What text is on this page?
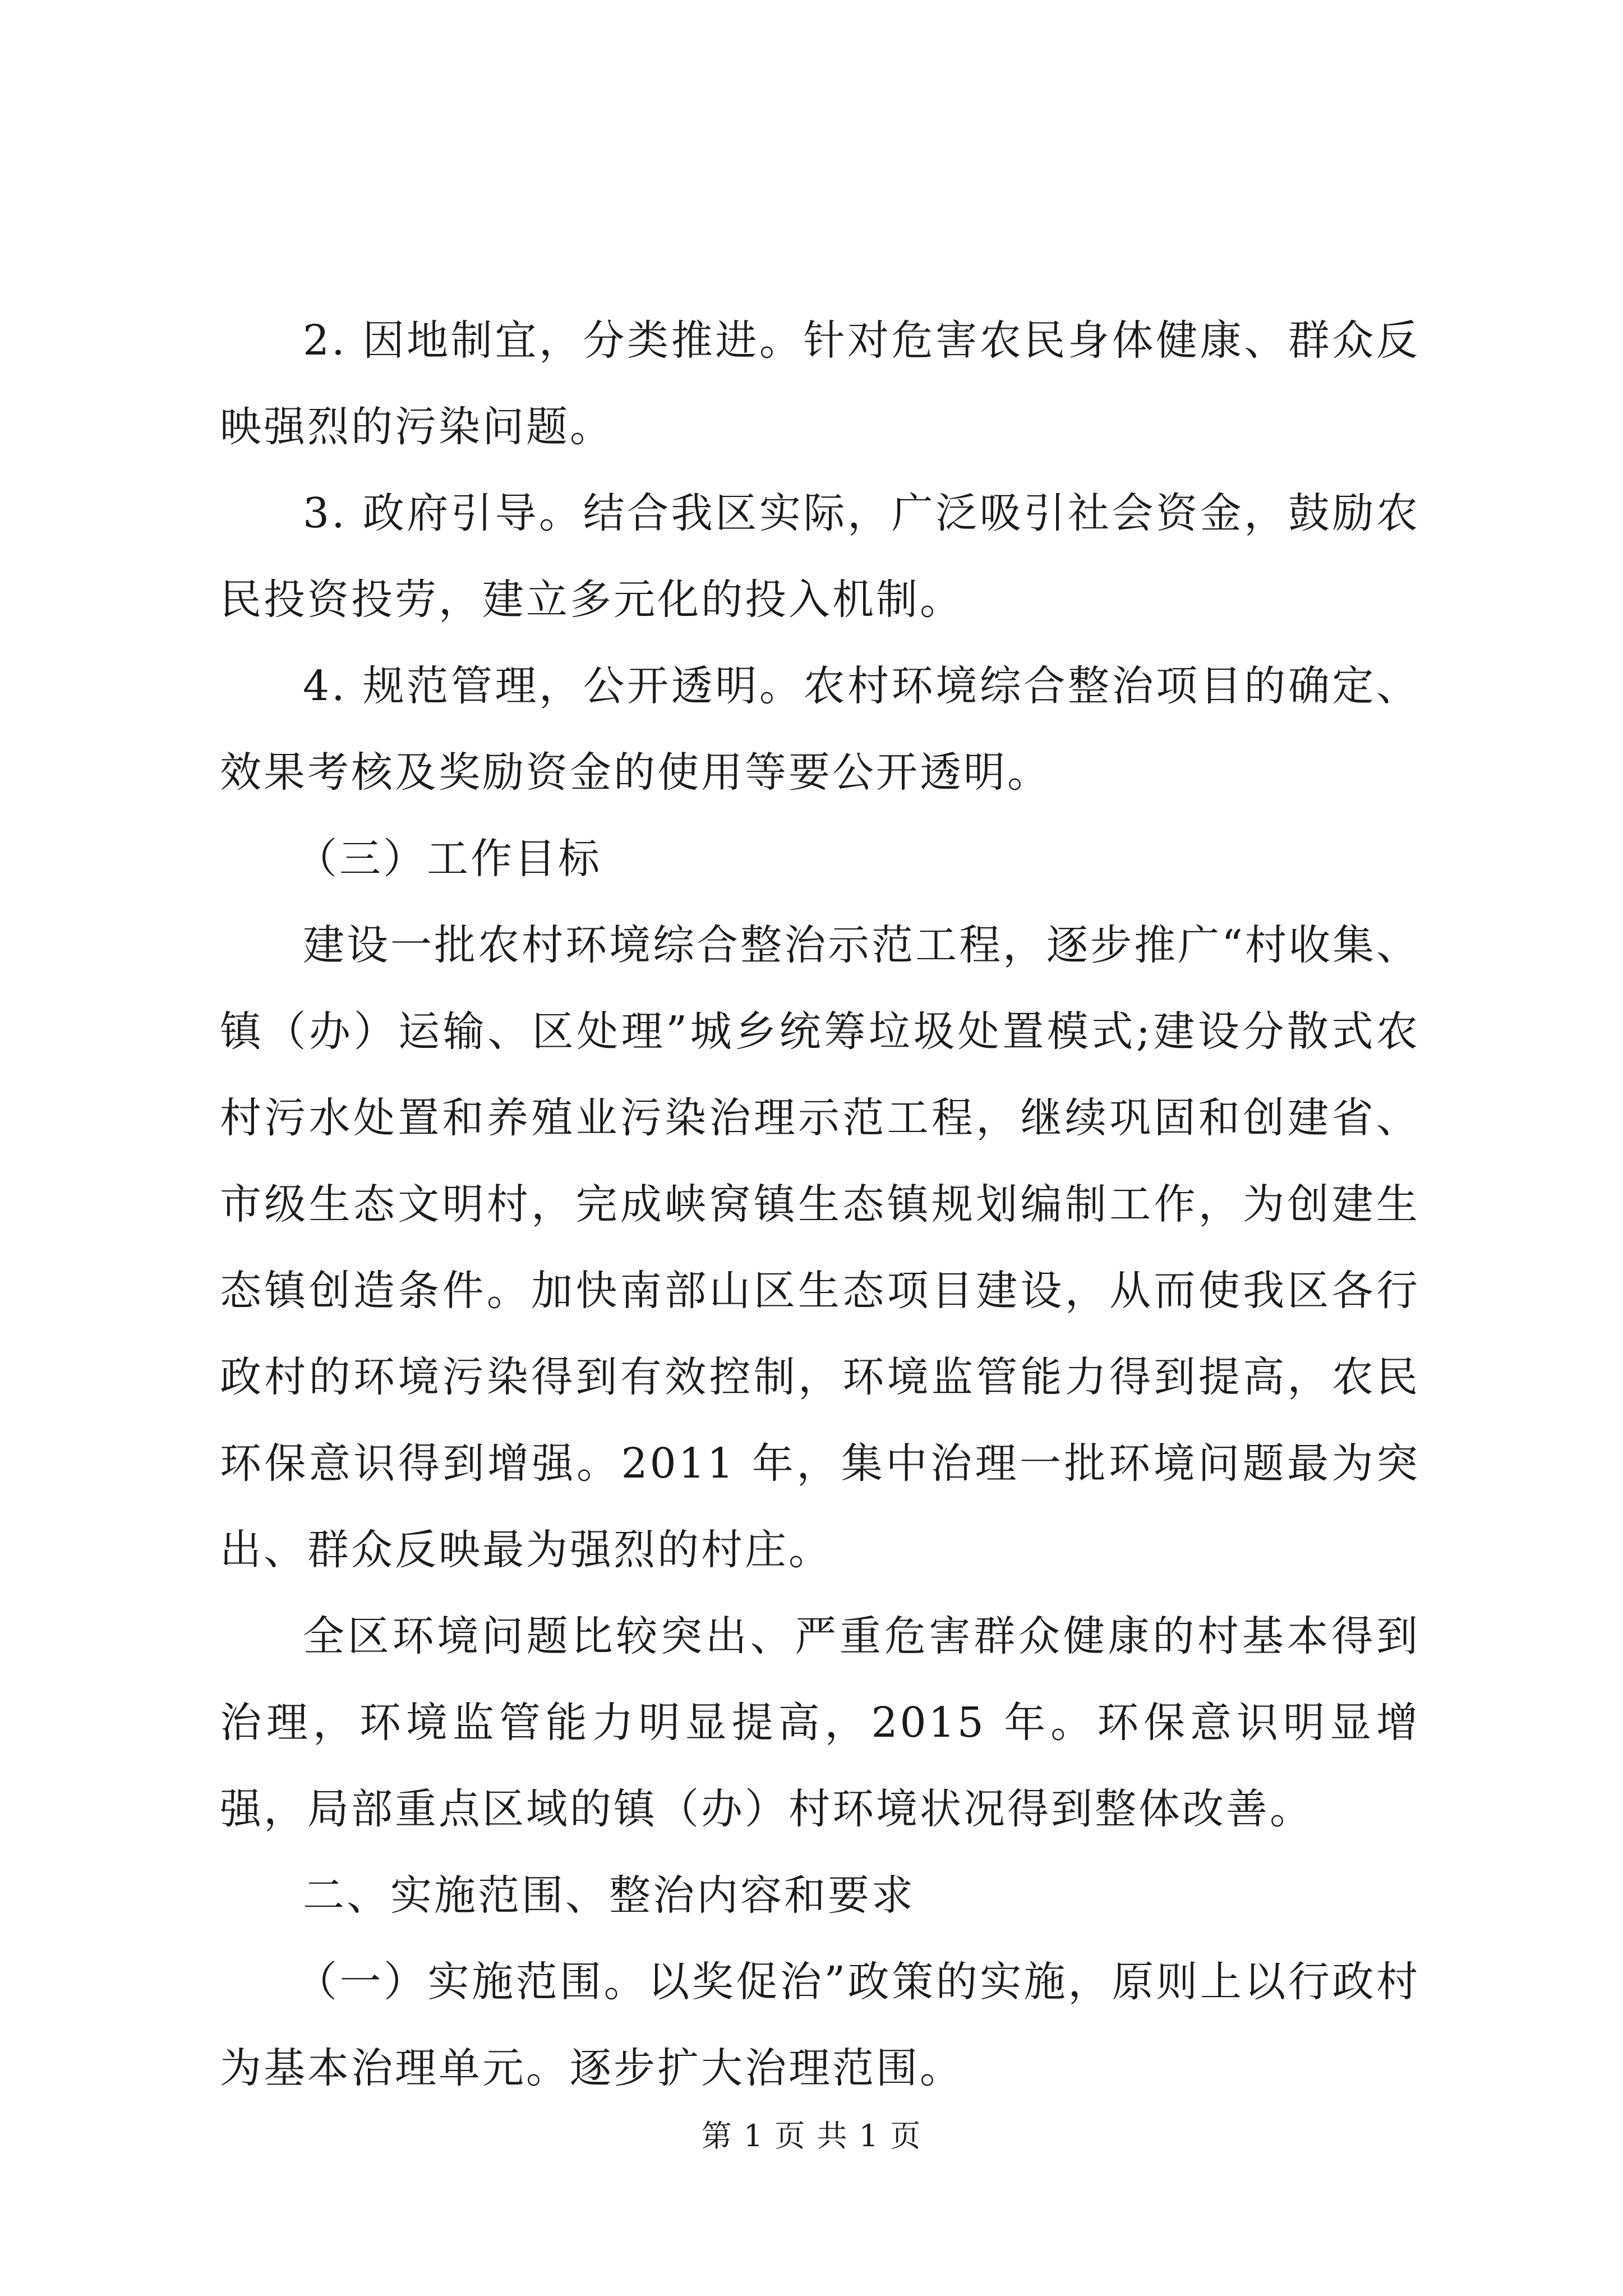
2. 因地制宜，分类推进。针对危害农民身体健康、群众反映强烈的污染问题。

3. 政府引导。结合我区实际，广泛吸引社会资金，鼓励农民投资投劳，建立多元化的投入机制。

4. 规范管理，公开透明。农村环境综合整治项目的确定、效果考核及奖励资金的使用等要公开透明。

（三）工作目标

建设一批农村环境综合整治示范工程，逐步推广“村收集、镇（办）运输、区处理”城乡统筹垃圾处置模式;建设分散式农村污水处置和养殖业污染治理示范工程，继续巩固和创建省、市级生态文明村，完成峡窝镇生态镇规划编制工作，为创建生态镇创造条件。加快南部山区生态项目建设，从而使我区各行政村的环境污染得到有效控制，环境监管能力得到提高，农民环保意识得到增强。2011 年，集中治理一批环境问题最为突出、群众反映最为强烈的村庄。

全区环境问题比较突出、严重危害群众健康的村基本得到治理，环境监管能力明显提高，2015 年。环保意识明显增强，局部重点区域的镇（办）村环境状况得到整体改善。

二、实施范围、整治内容和要求

（一）实施范围。以奖促治”政策的实施，原则上以行政村为基本治理单元。逐步扩大治理范围。

第 1 页 共 1 页
